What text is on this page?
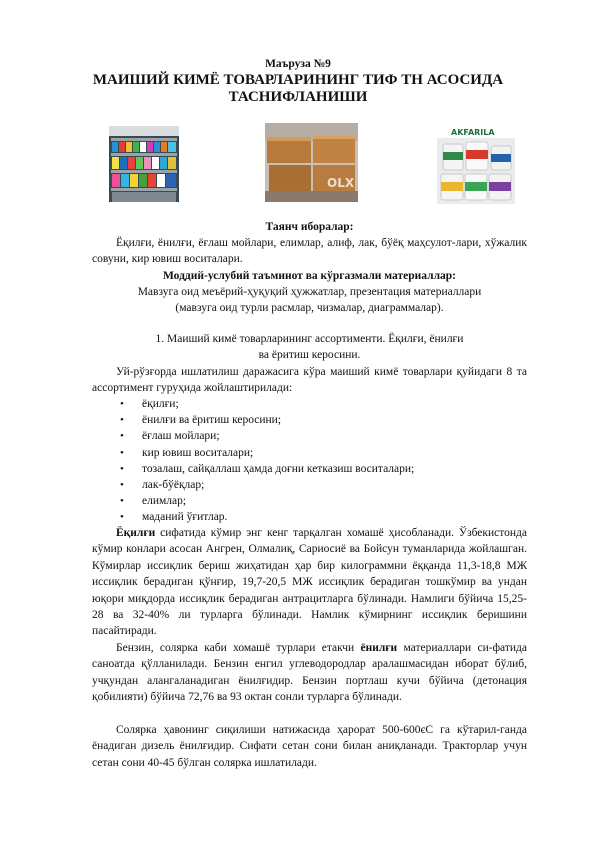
Маъруза №9
МАИШИЙ КИМЁ ТОВАРЛАРИНИНГ ТИФ ТН АСОСИДА
ТАСНИФЛАНИШИ
OLX
AKFARILA
Таянч иборалар:
Ёқилғи, ёнилғи, ёғлаш мойлари, елимлар, алиф, лак, бўёқ маҳсулот-лари, хўжалик совуни, кир ювиш воситалари.
Моддий-услубий таъминот ва кўргазмали материаллар:
Мавзуга оид меъёрий-ҳуқуқий ҳужжатлар, презентация материаллари
(мавзуга оид турли расмлар, чизмалар, диаграммалар).
1. Маиший кимё товарларининг ассортименти. Ёқилғи, ёнилғи
ва ёритиш керосини.
Уй-рўзғорда ишлатилиш даражасига кўра маиший кимё товарлари қуйидаги 8 та ассортимент гуруҳида жойлаштирилади:
• ёқилғи;
• ёнилғи ва ёритиш керосини;
• ёғлаш мойлари;
• кир ювиш воситалари;
• тозалаш, сайқаллаш ҳамда доғни кетказиш воситалари;
• лак-бўёқлар;
• елимлар;
• маданий ўғитлар.
Ёқилғи сифатида кўмир энг кенг тарқалган хомашё ҳисобланади. Ўзбекистонда кўмир конлари асосан Ангрен, Олмалиқ, Сариосиё ва Бойсун туманларида жойлашган. Кўмирлар иссиқлик бериш жиҳатидан ҳар бир килограммни ёққанда 11,3-18,8 МЖ иссиқлик берадиган қўнғир, 19,7-20,5 МЖ иссиқлик берадиган тошкўмир ва ундан юқори миқдорда иссиқлик берадиган антрацитларга бўлинади. Намлиги бўйича 15,25-28 ва 32-40% ли турларга бўлинади. Намлик кўмирнинг иссиқлик беришини пасайтиради.
Бензин, солярка каби хомашё турлари етакчи ёнилғи материаллари си-фатида саноатда қўлланилади. Бензин енгил углеводородлар аралашмасидан иборат бўлиб, учқундан алангаланадиган ёнилғидир. Бензин портлаш кучи бўйича (детонация қобилияти) бўйича 72,76 ва 93 октан сонли турларга бўлинади.
Солярка ҳавонинг сиқилиши натижасида ҳарорат 500-600єС га кўтарил-ганда ёнадиган дизель ёнилғидир. Сифати сетан сони билан аниқланади. Тракторлар учун сетан сони 40-45 бўлган солярка ишлатилади.
